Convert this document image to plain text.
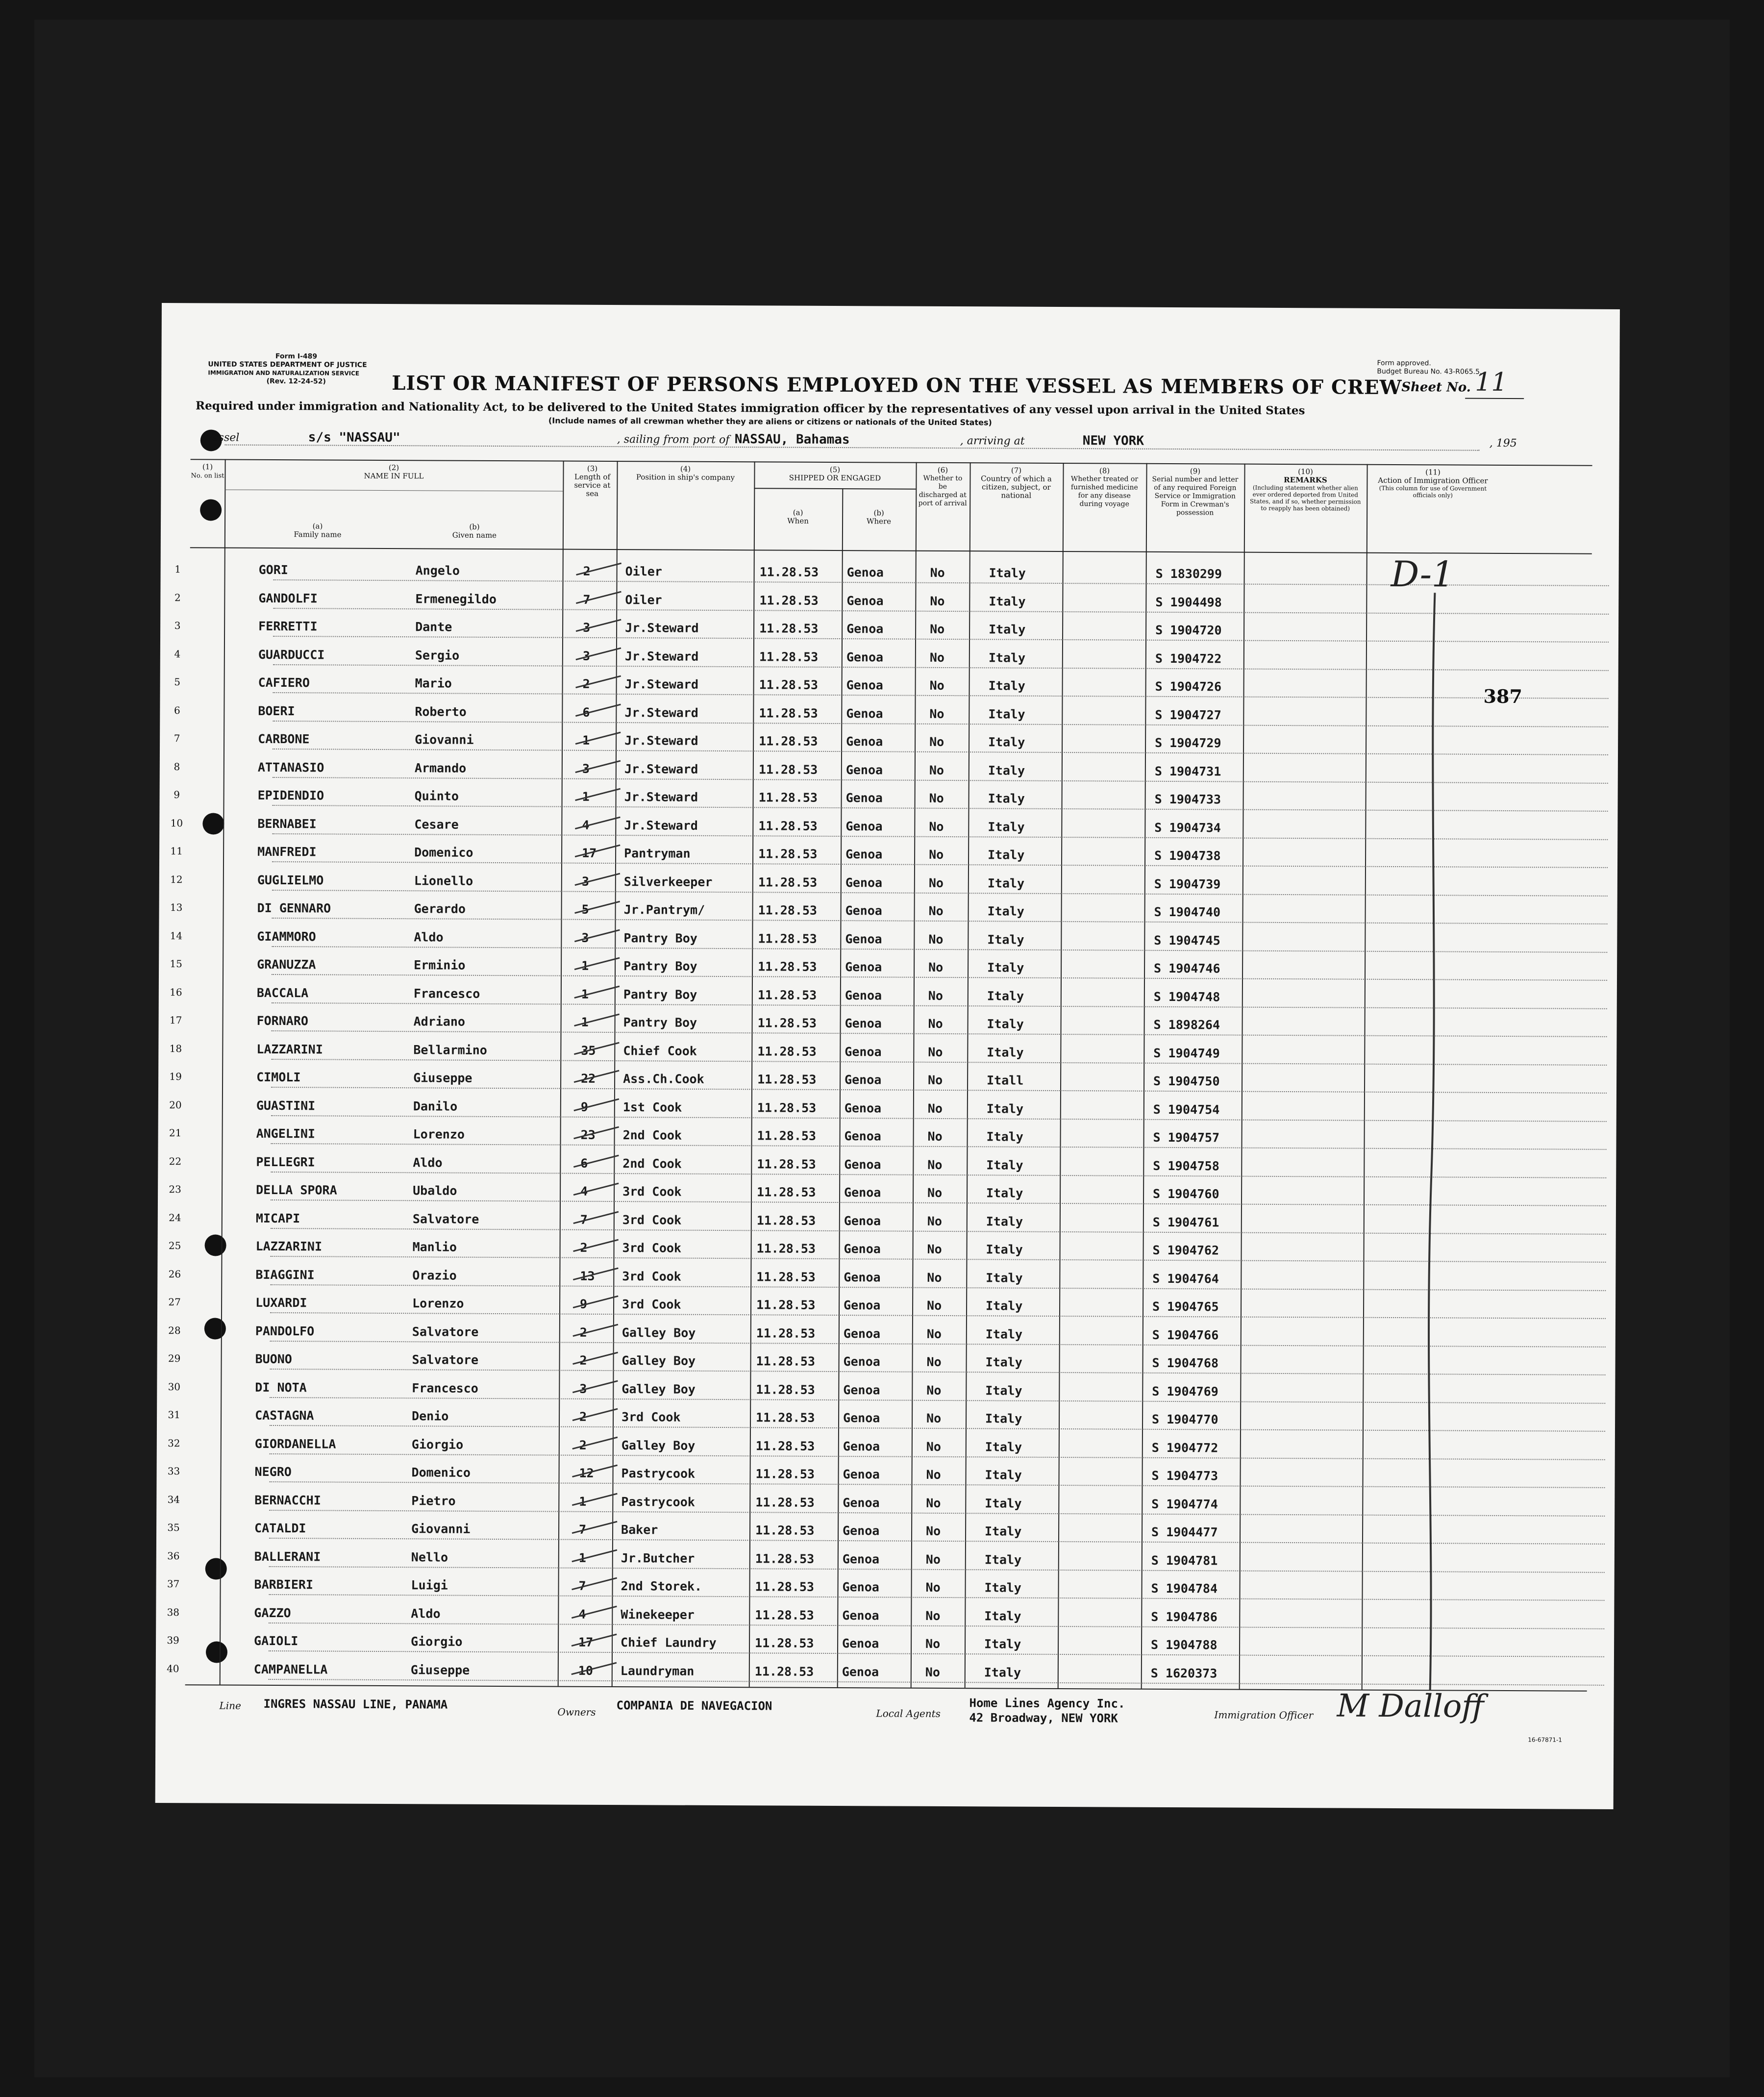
Form I-489
UNITED STATES DEPARTMENT OF JUSTICE
IMMIGRATION AND NATURALIZATION SERVICE
(Rev. 12-24-52)
Form approved.
Budget Bureau No. 43-R065.5.
LIST OR MANIFEST OF PERSONS EMPLOYED ON THE VESSEL AS MEMBERS OF CREW
Sheet No. 11
Required under immigration and Nationality Act, to be delivered to the United States immigration officer by the representatives of any vessel upon arrival in the United States
(Include names of all crewman whether they are aliens or citizens or nationals of the United States)
Vessel	s/s "NASSAU"	, sailing from port of NASSAU, Bahamas	, arriving at	NEW YORK	, 195
(1)
No. on list
(2)
NAME IN FULL
(a)
Family name
(b)
Given name
(3)
Length of service at sea
(4)
Position in ship's company
(5)
SHIPPED OR ENGAGED
(a)
When
(b)
Where
(6)
Whether to be discharged at port of arrival
(7)
Country of which a citizen, subject, or national
(8)
Whether treated or furnished medicine for any disease during voyage
(9)
Serial number and letter of any required Foreign Service or Immigration Form in Crewman's possession
(10)
REMARKS
(Including statement whether alien ever ordered deported from United States, and if so, whether permission to reapply has been obtained)
(11)
Action of Immigration Officer
(This column for use of Government officials only)
1	GORI	Angelo	2	Oiler	11.28.53 Genoa	No	Italy	S 1830299
2	GANDOLFI	Ermenegildo	7	Oiler	11.28.53 Genoa	No	Italy	S 1904498
3	FERRETTI	Dante	3	Jr.Steward	11.28.53 Genoa	No	Italy	S 1904720
4	GUARDUCCI	Sergio	3	Jr.Steward	11.28.53 Genoa	No	Italy	S 1904722
5	CAFIERO	Mario	2	Jr.Steward	11.28.53 Genoa	No	Italy	S 1904726
6	BOERI	Roberto	6	Jr.Steward	11.28.53 Genoa	No	Italy	S 1904727
7	CARBONE	Giovanni	1	Jr.Steward	11.28.53 Genoa	No	Italy	S 1904729
8	ATTANASIO	Armando	3	Jr.Steward	11.28.53 Genoa	No	Italy	S 1904731
9	EPIDENDIO	Quinto	1	Jr.Steward	11.28.53 Genoa	No	Italy	S 1904733
10	BERNABEI	Cesare	4	Jr.Steward	11.28.53 Genoa	No	Italy	S 1904734
11	MANFREDI	Domenico	17 Pantryman	11.28.53 Genoa	No	Italy	S 1904738
12	GUGLIELMO	Lionello	3	Silverkeeper	11.28.53 Genoa	No	Italy	S 1904739
13	DI GENNARO	Gerardo	5	Jr.Pantrym/	11.28.53 Genoa	No	Italy	S 1904740
14	GIAMMORO	Aldo	3	Pantry Boy	11.28.53 Genoa	No	Italy	S 1904745
15	GRANUZZA	Erminio	1	Pantry Boy	11.28.53 Genoa	No	Italy	S 1904746
16	BACCALA	Francesco	1	Pantry Boy	11.28.53 Genoa	No	Italy	S 1904748
17	FORNARO	Adriano	1	Pantry Boy	11.28.53 Genoa	No	Italy	S 1898264
18	LAZZARINI	Bellarmino	35 Chief Cook	11.28.53 Genoa	No	Italy	S 1904749
19	CIMOLI	Giuseppe	22 Ass.Ch.Cook	11.28.53 Genoa	No	Itall	S 1904750
20	GUASTINI	Danilo	9	1st Cook	11.28.53 Genoa	No	Italy	S 1904754
21	ANGELINI	Lorenzo	23 2nd Cook	11.28.53 Genoa	No	Italy	S 1904757
22	PELLEGRI	Aldo	6	2nd Cook	11.28.53 Genoa	No	Italy	S 1904758
23	DELLA SPORA	Ubaldo	4	3rd Cook	11.28.53 Genoa	No	Italy	S 1904760
24	MICAPI	Salvatore	7	3rd Cook	11.28.53 Genoa	No	Italy	S 1904761
25	LAZZARINI	Manlio	2	3rd Cook	11.28.53 Genoa	No	Italy	S 1904762
26	BIAGGINI	Orazio	13 3rd Cook	11.28.53 Genoa	No	Italy	S 1904764
27	LUXARDI	Lorenzo	9	3rd Cook	11.28.53 Genoa	No	Italy	S 1904765
28	PANDOLFO	Salvatore	2	Galley Boy	11.28.53 Genoa	No	Italy	S 1904766
29	BUONO	Salvatore	2	Galley Boy	11.28.53 Genoa	No	Italy	S 1904768
30	DI NOTA	Francesco	3	Galley Boy	11.28.53 Genoa	No	Italy	S 1904769
31	CASTAGNA	Denio	2	3rd Cook	11.28.53 Genoa	No	Italy	S 1904770
32	GIORDANELLA	Giorgio	2	Galley Boy	11.28.53 Genoa	No	Italy	S 1904772
33	NEGRO	Domenico	12 Pastrycook	11.28.53 Genoa	No	Italy	S 1904773
34	BERNACCHI	Pietro	1	Pastrycook	11.28.53 Genoa	No	Italy	S 1904774
35	CATALDI	Giovanni	7	Baker	11.28.53 Genoa	No	Italy	S 1904477
36	BALLERANI	Nello	1	Jr.Butcher	11.28.53 Genoa	No	Italy	S 1904781
37	BARBIERI	Luigi	7	2nd Storek.	11.28.53 Genoa	No	Italy	S 1904784
38	GAZZO	Aldo	4	Winekeeper	11.28.53 Genoa	No	Italy	S 1904786
39	GAIOLI	Giorgio	17 Chief Laundry	11.28.53 Genoa	No	Italy	S 1904788
40	CAMPANELLA	Giuseppe	10 Laundryman	11.28.53 Genoa	No	Italy	S 1620373
D-1
387
Line INGRES NASSAU LINE, PANAMA
Owners COMPANIA DE NAVEGACION
Local Agents
Home Lines Agency Inc.
42 Broadway, NEW YORK	Immigration Officer M Dalloff
16-67871-1
